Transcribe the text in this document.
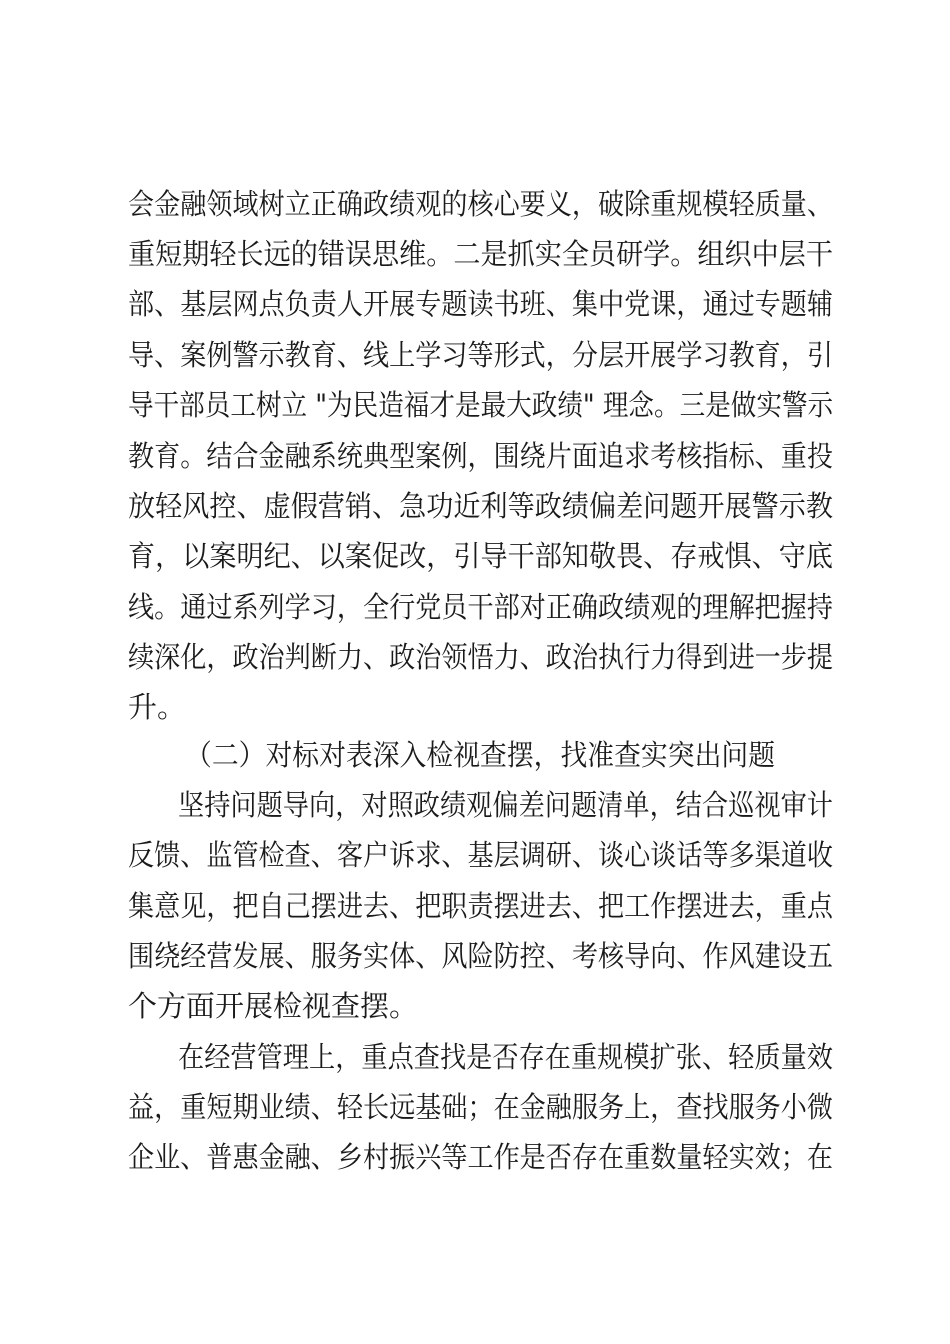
会金融领域树立正确政绩观的核心要义，破除重规模轻质量、
重短期轻长远的错误思维。二是抓实全员研学。组织中层干
部、基层网点负责人开展专题读书班、集中党课，通过专题辅
导、案例警示教育、线上学习等形式，分层开展学习教育，引
导干部员工树立 "为民造福才是最大政绩" 理念。三是做实警示
教育。结合金融系统典型案例，围绕片面追求考核指标、重投
放轻风控、虚假营销、急功近利等政绩偏差问题开展警示教
育，以案明纪、以案促改，引导干部知敬畏、存戒惧、守底
线。通过系列学习，全行党员干部对正确政绩观的理解把握持
续深化，政治判断力、政治领悟力、政治执行力得到进一步提
升。
（二）对标对表深入检视查摆，找准查实突出问题
坚持问题导向，对照政绩观偏差问题清单，结合巡视审计
反馈、监管检查、客户诉求、基层调研、谈心谈话等多渠道收
集意见，把自己摆进去、把职责摆进去、把工作摆进去，重点
围绕经营发展、服务实体、风险防控、考核导向、作风建设五
个方面开展检视查摆。
在经营管理上，重点查找是否存在重规模扩张、轻质量效
益，重短期业绩、轻长远基础；在金融服务上，查找服务小微
企业、普惠金融、乡村振兴等工作是否存在重数量轻实效；在
